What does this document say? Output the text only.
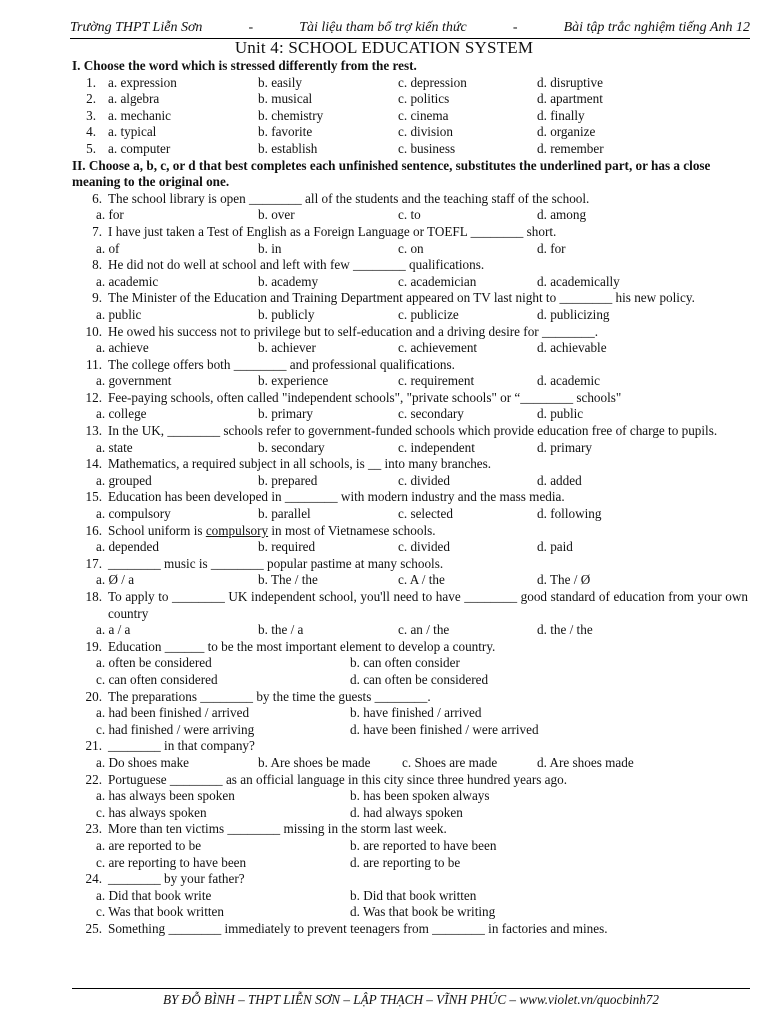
Trường THPT Liễn Sơn	-	Tài liệu tham bổ trợ kiến thức	-	Bài tập trắc nghiệm tiếng Anh 12
Unit 4: SCHOOL EDUCATION SYSTEM
I. Choose the word which is stressed differently from the rest.
1. a. expression	b. easily	c. depression	d. disruptive
2. a. algebra	b. musical	c. politics	d. apartment
3. a. mechanic	b. chemistry	c. cinema	d. finally
4. a. typical	b. favorite	c. division	d. organize
5. a. computer	b. establish	c. business	d. remember
II. Choose a, b, c, or d that best completes each unfinished sentence, substitutes the underlined part, or has a close meaning to the original one.
6. The school library is open ________ all of the students and the teaching staff of the school.
a. for	b. over	c. to	d. among
7. I have just taken a Test of English as a Foreign Language or TOEFL ________ short.
a. of	b. in	c. on	d. for
8. He did not do well at school and left with few ________ qualifications.
a. academic	b. academy	c. academician	d. academically
9. The Minister of the Education and Training Department appeared on TV last night to ________ his new policy.
a. public	b. publicly	c. publicize	d. publicizing
10. He owed his success not to privilege but to self-education and a driving desire for ________.
a. achieve	b. achiever	c. achievement	d. achievable
11. The college offers both ________ and professional qualifications.
a. government	b. experience	c. requirement	d. academic
12. Fee-paying schools, often called "independent schools", "private schools" or “________ schools"
a. college	b. primary	c. secondary	d. public
13. In the UK, ________ schools refer to government-funded schools which provide education free of charge to pupils.
a. state	b. secondary	c. independent	d. primary
14. Mathematics, a required subject in all schools, is __ into many branches.
a. grouped	b. prepared	c. divided	d. added
15. Education has been developed in ________ with modern industry and the mass media.
a. compulsory	b. parallel	c. selected	d. following
16. School uniform is compulsory in most of Vietnamese schools.
a. depended	b. required	c. divided	d. paid
17. ________ music is ________ popular pastime at many schools.
a. Ø / a	b. The / the	c. A / the	d. The / Ø
18. To apply to ________ UK independent school, you'll need to have ________ good standard of education from your own country
a. a / a	b. the / a	c. an / the	d. the / the
19. Education ______ to be the most important element to develop a country.
a. often be considered	b. can often consider
c. can often considered	d. can often be considered
20. The preparations ________ by the time the guests ________.
a. had been finished / arrived	b. have finished / arrived
c. had finished / were arriving	d. have been finished / were arrived
21. ________ in that company?
a. Do shoes make	b. Are shoes be made c. Shoes are made	d. Are shoes made
22. Portuguese ________ as an official language in this city since three hundred years ago.
a. has always been spoken	b. has been spoken always
c. has always spoken	d. had always spoken
23. More than ten victims ________ missing in the storm last week.
a. are reported to be	b. are reported to have been
c. are reporting to have been	d. are reporting to be
24. ________ by your father?
a. Did that book write	b. Did that book written
c. Was that book written	d. Was that book be writing
25. Something ________ immediately to prevent teenagers from ________ in factories and mines.
BY ĐỖ BÌNH – THPT LIỄN SƠN – LẬP THẠCH – VĨNH PHÚC – www.violet.vn/quocbinh72
